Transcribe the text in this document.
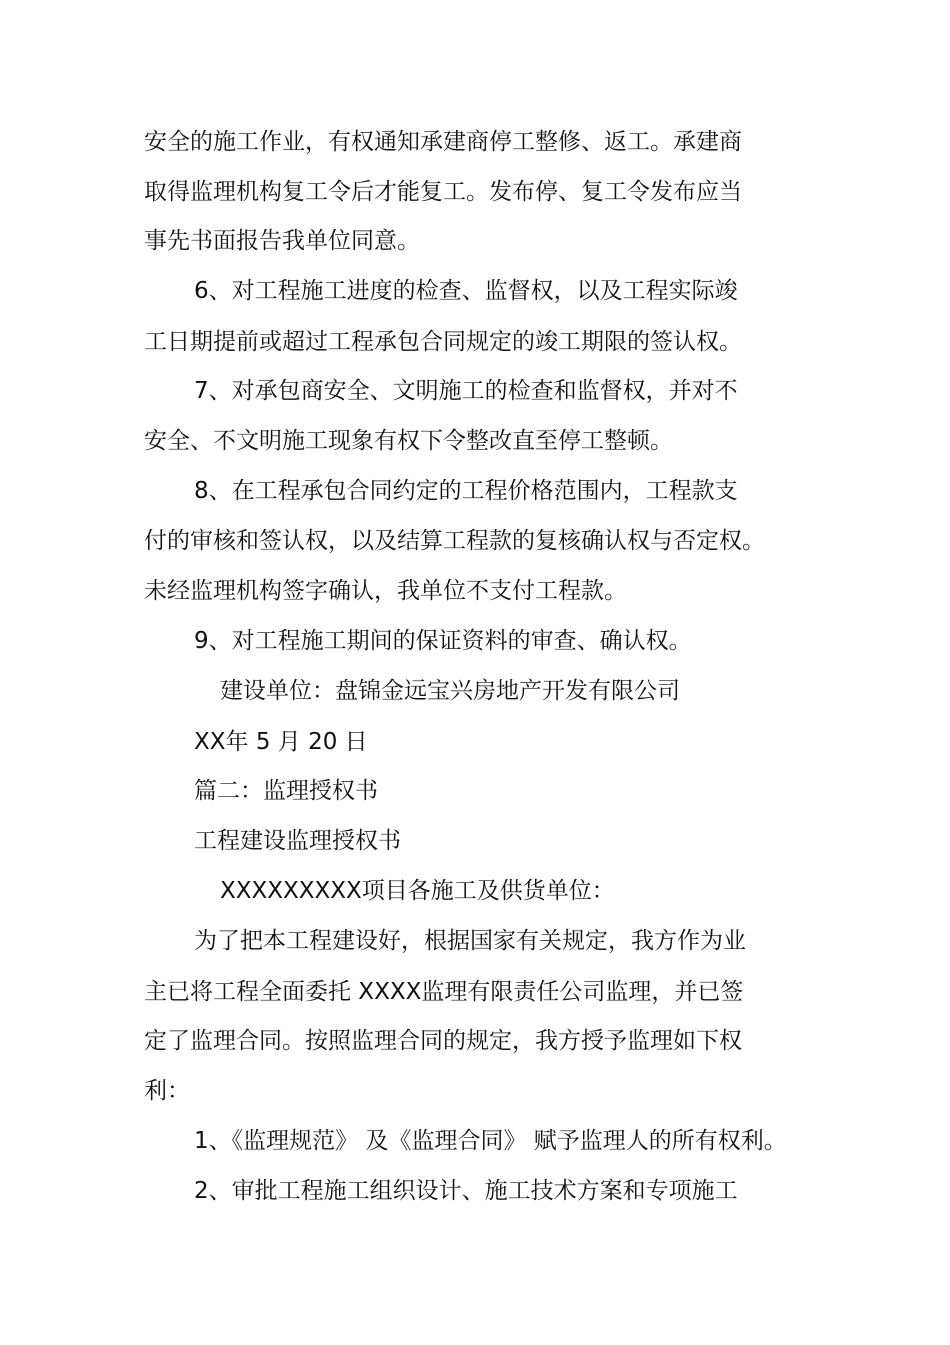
安全的施工作业，有权通知承建商停工整修、返工。承建商
取得监理机构复工令后才能复工。发布停、复工令发布应当
事先书面报告我单位同意。
6、对工程施工进度的检查、监督权，以及工程实际竣
工日期提前或超过工程承包合同规定的竣工期限的签认权。
7、对承包商安全、文明施工的检查和监督权，并对不
安全、不文明施工现象有权下令整改直至停工整顿。
8、在工程承包合同约定的工程价格范围内，工程款支
付的审核和签认权，以及结算工程款的复核确认权与否定权。
未经监理机构签字确认，我单位不支付工程款。
9、对工程施工期间的保证资料的审查、确认权。
建设单位：盘锦金远宝兴房地产开发有限公司
XX年 5 月 20 日
篇二：监理授权书
工程建设监理授权书
XXXXXXXXX项目各施工及供货单位：
为了把本工程建设好，根据国家有关规定，我方作为业
主已将工程全面委托 XXXX监理有限责任公司监理，并已签
定了监理合同。按照监理合同的规定，我方授予监理如下权
利：
1、《监理规范》 及《监理合同》 赋予监理人的所有权利。
2、审批工程施工组织设计、施工技术方案和专项施工
